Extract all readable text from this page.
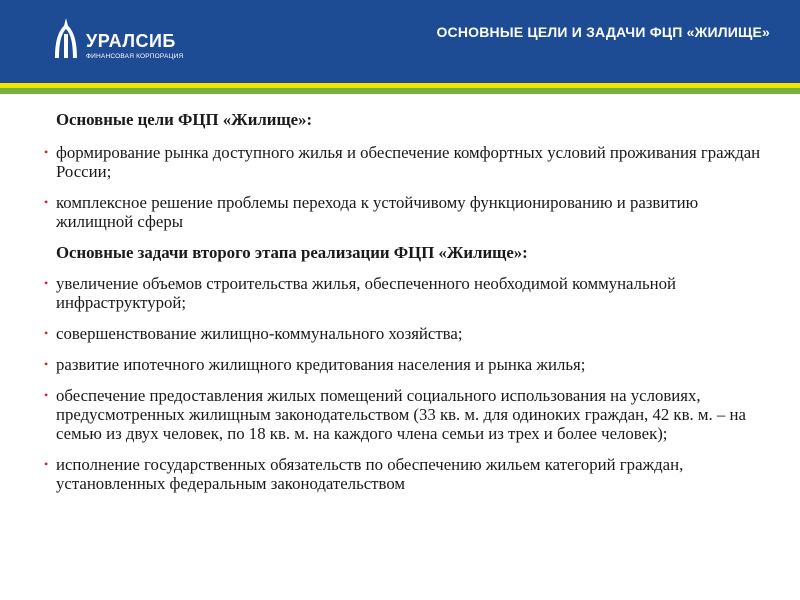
УРАЛСИБ
ФИНАНСОВАЯ КОРПОРАЦИЯ
ОСНОВНЫЕ ЦЕЛИ И ЗАДАЧИ ФЦП «ЖИЛИЩЕ»
Основные цели ФЦП «Жилище»:
• формирование рынка доступного жилья и обеспечение комфортных условий проживания граждан России;
• комплексное решение проблемы перехода к устойчивому функционированию и развитию жилищной сферы
Основные задачи второго этапа реализации ФЦП «Жилище»:
• увеличение объемов строительства жилья, обеспеченного необходимой коммунальной инфраструктурой;
• совершенствование жилищно-коммунального хозяйства;
• развитие ипотечного жилищного кредитования населения и рынка жилья;
• обеспечение предоставления жилых помещений социального использования на условиях, предусмотренных жилищным законодательством (33 кв. м. для одиноких граждан, 42 кв. м. – на семью из двух человек, по 18 кв. м. на каждого члена семьи из трех и более человек);
• исполнение государственных обязательств по обеспечению жильем категорий граждан, установленных федеральным законодательством
